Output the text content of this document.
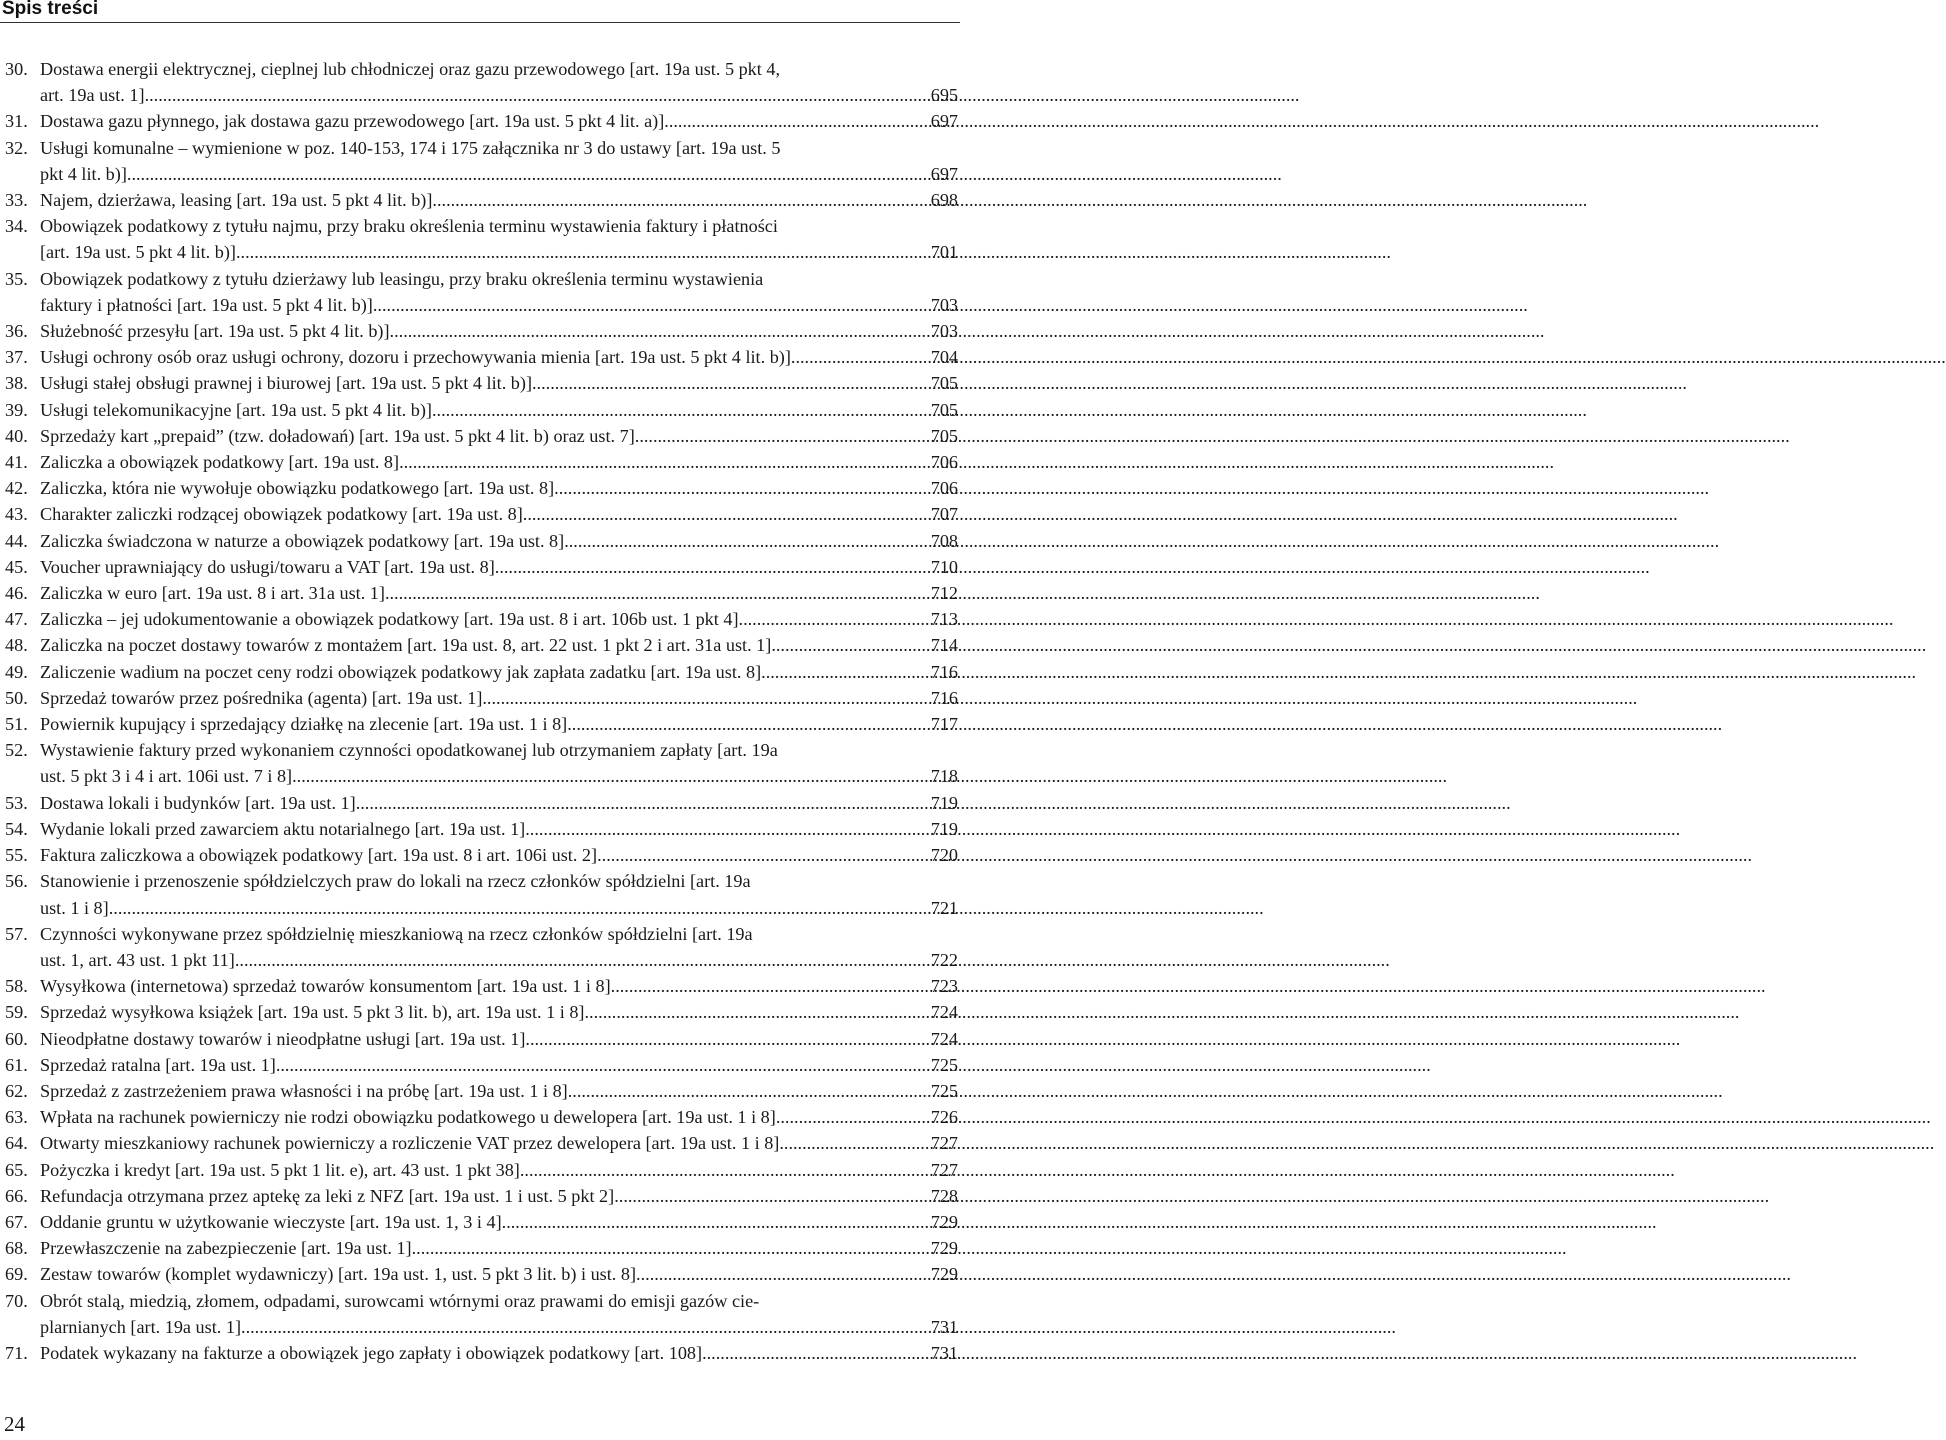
Spis treści
30. Dostawa energii elektrycznej, cieplnej lub chłodniczej oraz gazu przewodowego [art. 19a ust. 5 pkt 4,
art. 19a ust. 1] .....	695
31. Dostawa gazu płynnego, jak dostawa gazu przewodowego [art. 19a ust. 5 pkt 4 lit. a)] .....	697
32. Usługi komunalne – wymienione w poz. 140-153, 174 i 175 załącznika nr 3 do ustawy [art. 19a ust. 5
pkt 4 lit. b)] .....	697
33. Najem, dzierżawa, leasing [art. 19a ust. 5 pkt 4 lit. b)] .....	698
34. Obowiązek podatkowy z tytułu najmu, przy braku określenia terminu wystawienia faktury i płatności
[art. 19a ust. 5 pkt 4 lit. b)] .....	701
35. Obowiązek podatkowy z tytułu dzierżawy lub leasingu, przy braku określenia terminu wystawienia
faktury i płatności [art. 19a ust. 5 pkt 4 lit. b)] .....	703
36. Służebność przesyłu [art. 19a ust. 5 pkt 4 lit. b)] .....	703
37. Usługi ochrony osób oraz usługi ochrony, dozoru i przechowywania mienia [art. 19a ust. 5 pkt 4 lit. b)] .....	704
38. Usługi stałej obsługi prawnej i biurowej [art. 19a ust. 5 pkt 4 lit. b)] .....	705
39. Usługi telekomunikacyjne [art. 19a ust. 5 pkt 4 lit. b)] .....	705
40. Sprzedaży kart „prepaid” (tzw. doładowań) [art. 19a ust. 5 pkt 4 lit. b) oraz ust. 7] .....	705
41. Zaliczka a obowiązek podatkowy [art. 19a ust. 8] .....	706
42. Zaliczka, która nie wywołuje obowiązku podatkowego [art. 19a ust. 8] .....	706
43. Charakter zaliczki rodzącej obowiązek podatkowy [art. 19a ust. 8] .....	707
44. Zaliczka świadczona w naturze a obowiązek podatkowy [art. 19a ust. 8] .....	708
45. Voucher uprawniający do usługi/towaru a VAT [art. 19a ust. 8] .....	710
46. Zaliczka w euro [art. 19a ust. 8 i art. 31a ust. 1] .....	712
47. Zaliczka – jej udokumentowanie a obowiązek podatkowy [art. 19a ust. 8 i art. 106b ust. 1 pkt 4] .....	713
48. Zaliczka na poczet dostawy towarów z montażem [art. 19a ust. 8, art. 22 ust. 1 pkt 2 i art. 31a ust. 1] .....	714
49. Zaliczenie wadium na poczet ceny rodzi obowiązek podatkowy jak zapłata zadatku [art. 19a ust. 8] .....	716
50. Sprzedaż towarów przez pośrednika (agenta) [art. 19a ust. 1] .....	716
51. Powiernik kupujący i sprzedający działkę na zlecenie [art. 19a ust. 1 i 8] .....	717
52. Wystawienie faktury przed wykonaniem czynności opodatkowanej lub otrzymaniem zapłaty [art. 19a
ust. 5 pkt 3 i 4 i art. 106i ust. 7 i 8] .....	718
53. Dostawa lokali i budynków [art. 19a ust. 1] .....	719
54. Wydanie lokali przed zawarciem aktu notarialnego [art. 19a ust. 1] .....	719
55. Faktura zaliczkowa a obowiązek podatkowy [art. 19a ust. 8 i art. 106i ust. 2] .....	720
56. Stanowienie i przenoszenie spółdzielczych praw do lokali na rzecz członków spółdzielni [art. 19a
ust. 1 i 8] .....	721
57. Czynności wykonywane przez spółdzielnię mieszkaniową na rzecz członków spółdzielni [art. 19a
ust. 1, art. 43 ust. 1 pkt 11] .....	722
58. Wysyłkowa (internetowa) sprzedaż towarów konsumentom [art. 19a ust. 1 i 8] .....	723
59. Sprzedaż wysyłkowa książek [art. 19a ust. 5 pkt 3 lit. b), art. 19a ust. 1 i 8] .....	724
60. Nieodpłatne dostawy towarów i nieodpłatne usługi [art. 19a ust. 1] .....	724
61. Sprzedaż ratalna [art. 19a ust. 1] .....	725
62. Sprzedaż z zastrzeżeniem prawa własności i na próbę [art. 19a ust. 1 i 8] .....	725
63. Wpłata na rachunek powierniczy nie rodzi obowiązku podatkowego u dewelopera [art. 19a ust. 1 i 8] .....	726
64. Otwarty mieszkaniowy rachunek powierniczy a rozliczenie VAT przez dewelopera [art. 19a ust. 1 i 8] .....	727
65. Pożyczka i kredyt [art. 19a ust. 5 pkt 1 lit. e), art. 43 ust. 1 pkt 38] .....	727
66. Refundacja otrzymana przez aptekę za leki z NFZ [art. 19a ust. 1 i ust. 5 pkt 2] .....	728
67. Oddanie gruntu w użytkowanie wieczyste [art. 19a ust. 1, 3 i 4] .....	729
68. Przewłaszczenie na zabezpieczenie [art. 19a ust. 1] .....	729
69. Zestaw towarów (komplet wydawniczy) [art. 19a ust. 1, ust. 5 pkt 3 lit. b) i ust. 8] .....	729
70. Obrót stalą, miedzią, złomem, odpadami, surowcami wtórnymi oraz prawami do emisji gazów cie-
plarnianych [art. 19a ust. 1] .....	731
71. Podatek wykazany na fakturze a obowiązek jego zapłaty i obowiązek podatkowy [art. 108] .....	731
24
